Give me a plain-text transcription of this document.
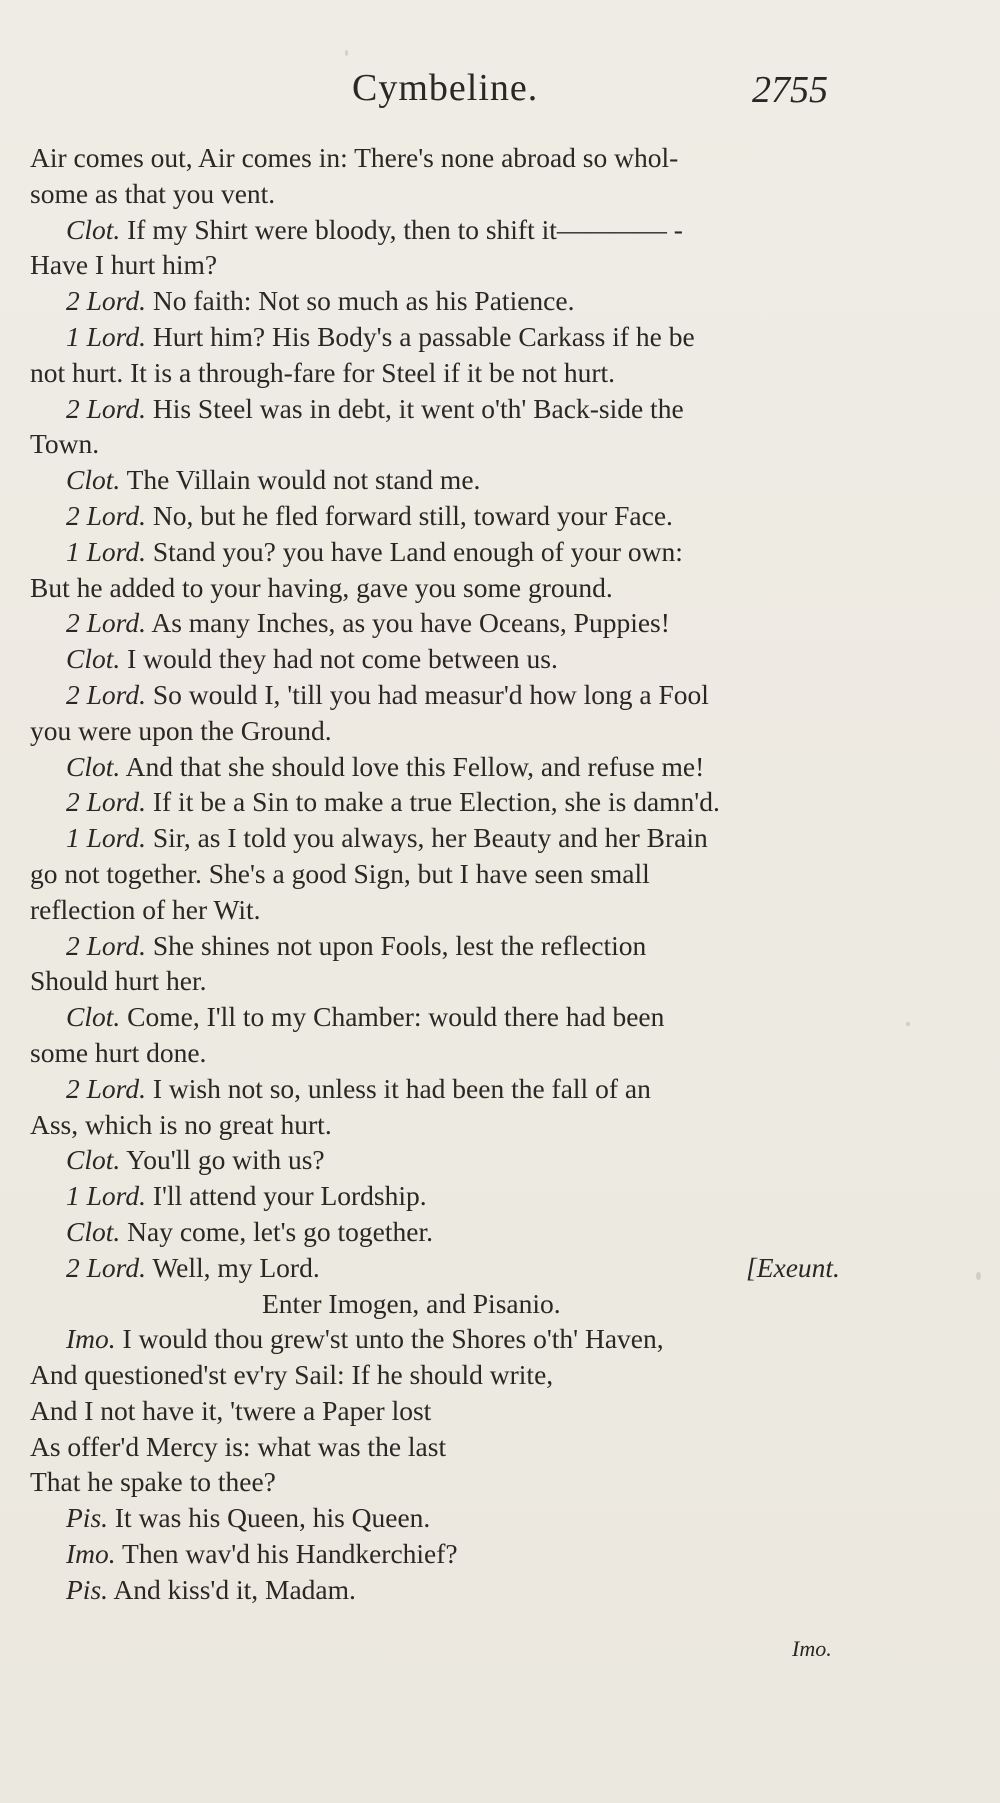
Cymbeline.	2755
Air comes out, Air comes in: There's none abroad so whol-
some as that you vent.
Clot. If my Shirt were bloody, then to shift it———— -
Have I hurt him?
2 Lord. No faith: Not so much as his Patience.
1 Lord. Hurt him? His Body's a passable Carkass if he be
not hurt. It is a through-fare for Steel if it be not hurt.
2 Lord. His Steel was in debt, it went o'th' Back-side the
Town.
Clot. The Villain would not stand me.
2 Lord. No, but he fled forward still, toward your Face.
1 Lord. Stand you? you have Land enough of your own:
But he added to your having, gave you some ground.
2 Lord. As many Inches, as you have Oceans, Puppies!
Clot. I would they had not come between us.
2 Lord. So would I, 'till you had measur'd how long a Fool
you were upon the Ground.
Clot. And that she should love this Fellow, and refuse me!
2 Lord. If it be a Sin to make a true Election, she is damn'd.
1 Lord. Sir, as I told you always, her Beauty and her Brain
go not together. She's a good Sign, but I have seen small
reflection of her Wit.
2 Lord. She shines not upon Fools, lest the reflection
Should hurt her.
Clot. Come, I'll to my Chamber: would there had been
some hurt done.
2 Lord. I wish not so, unless it had been the fall of an
Ass, which is no great hurt.
Clot. You'll go with us?
1 Lord. I'll attend your Lordship.
Clot. Nay come, let's go together.
2 Lord. Well, my Lord.	[Exeunt.
Enter Imogen, and Pisanio.
Imo. I would thou grew'st unto the Shores o'th' Haven,
And questioned'st ev'ry Sail: If he should write,
And I not have it, 'twere a Paper lost
As offer'd Mercy is: what was the last
That he spake to thee?
Pis. It was his Queen, his Queen.
Imo. Then wav'd his Handkerchief?
Pis. And kiss'd it, Madam.
Imo.
